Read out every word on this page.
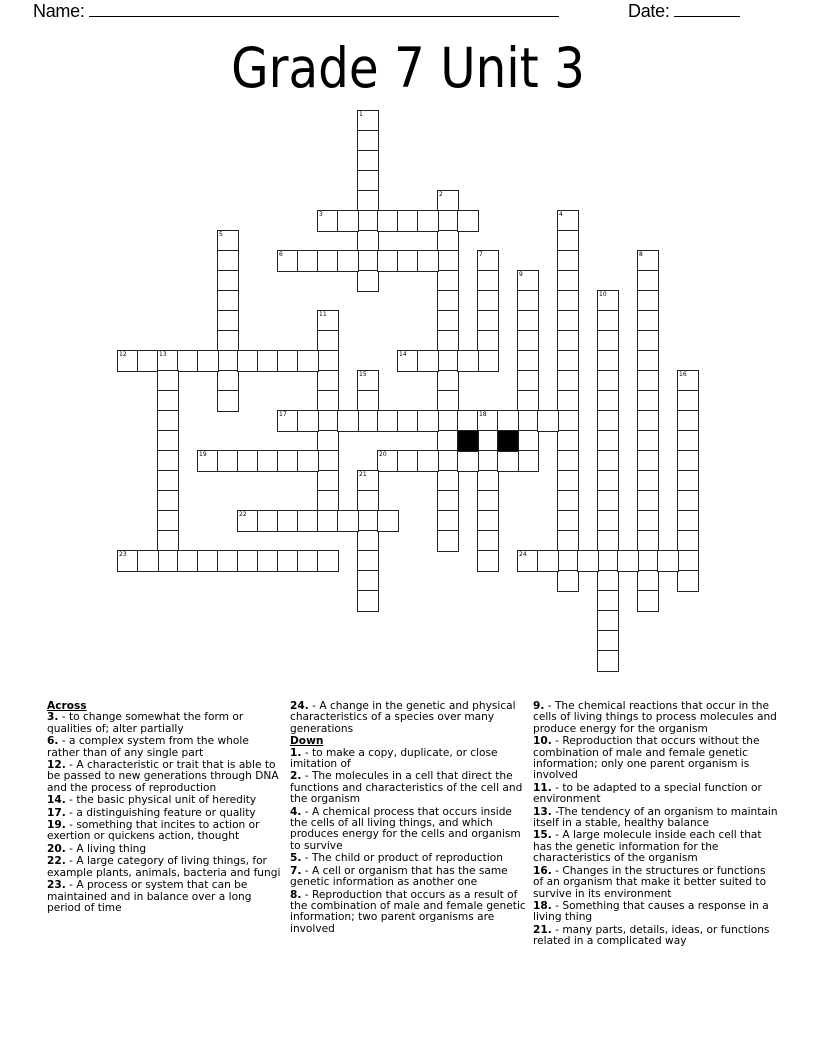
Name:	Date:
Grade 7 Unit 3
1
2
3	4
5
6	7	8
9
10
11
12	13	14
15	16
17	18
19	20
21
22
23	24
Across
3. - to change somewhat the form or qualities of; alter partially
6. - a complex system from the whole rather than of any single part
12. - A characteristic or trait that is able to be passed to new generations through DNA and the process of reproduction
14. - the basic physical unit of heredity
17. - a distinguishing feature or quality
19. - something that incites to action or exertion or quickens action, thought
20. - A living thing
22. - A large category of living things, for example plants, animals, bacteria and fungi
23. - A process or system that can be maintained and in balance over a long period of time
24. - A change in the genetic and physical characteristics of a species over many generations
Down
1. - to make a copy, duplicate, or close imitation of
2. - The molecules in a cell that direct the functions and characteristics of the cell and the organism
4. - A chemical process that occurs inside the cells of all living things, and which produces energy for the cells and organism to survive
5. - The child or product of reproduction
7. - A cell or organism that has the same genetic information as another one
8. - Reproduction that occurs as a result of the combination of male and female genetic information; two parent organisms are involved
9. - The chemical reactions that occur in the cells of living things to process molecules and produce energy for the organism
10. - Reproduction that occurs without the combination of male and female genetic information; only one parent organism is involved
11. - to be adapted to a special function or environment
13. -The tendency of an organism to maintain itself in a stable, healthy balance
15. - A large molecule inside each cell that has the genetic information for the characteristics of the organism
16. - Changes in the structures or functions of an organism that make it better suited to survive in its environment
18. - Something that causes a response in a living thing
21. - many parts, details, ideas, or functions related in a complicated way
